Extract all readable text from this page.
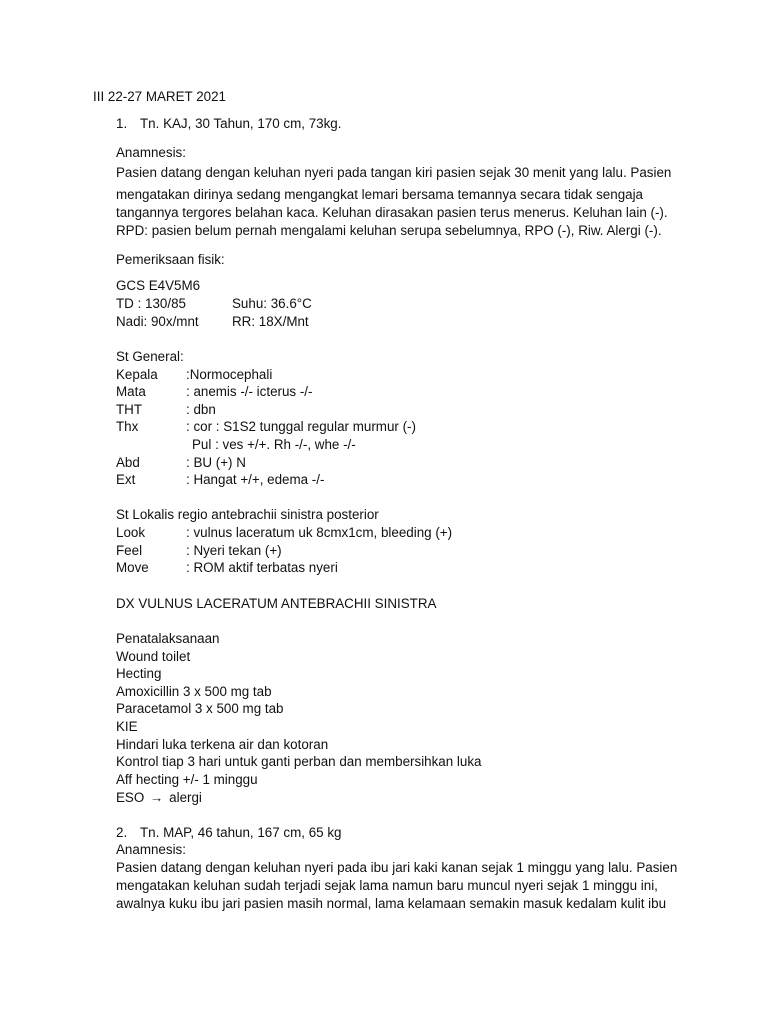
III 22-27 MARET 2021
1. Tn. KAJ, 30 Tahun, 170 cm, 73kg.
Anamnesis:
Pasien datang dengan keluhan nyeri pada tangan kiri pasien sejak 30 menit yang lalu. Pasien
mengatakan dirinya sedang mengangkat lemari bersama temannya secara tidak sengaja
tangannya tergores belahan kaca. Keluhan dirasakan pasien terus menerus. Keluhan lain (-).
RPD: pasien belum pernah mengalami keluhan serupa sebelumnya, RPO (-), Riw. Alergi (-).
Pemeriksaan fisik:
GCS E4V5M6
TD : 130/85	Suhu: 36.6°C
Nadi: 90x/mnt RR: 18X/Mnt
St General:
Kepala :Normocephali
Mata	: anemis -/- icterus -/-
THT	: dbn
Thx	: cor : S1S2 tunggal regular murmur (-)
Pul : ves +/+. Rh -/-, whe -/-
Abd	: BU (+) N
Ext	: Hangat +/+, edema -/-
St Lokalis regio antebrachii sinistra posterior
Look	: vulnus laceratum uk 8cmx1cm, bleeding (+)
Feel	: Nyeri tekan (+)
Move	: ROM aktif terbatas nyeri
DX VULNUS LACERATUM ANTEBRACHII SINISTRA
Penatalaksanaan
Wound toilet
Hecting
Amoxicillin 3 x 500 mg tab
Paracetamol 3 x 500 mg tab
KIE
Hindari luka terkena air dan kotoran
Kontrol tiap 3 hari untuk ganti perban dan membersihkan luka
Aff hecting +/- 1 minggu
ESO → alergi
2. Tn. MAP, 46 tahun, 167 cm, 65 kg
Anamnesis:
Pasien datang dengan keluhan nyeri pada ibu jari kaki kanan sejak 1 minggu yang lalu. Pasien
mengatakan keluhan sudah terjadi sejak lama namun baru muncul nyeri sejak 1 minggu ini,
awalnya kuku ibu jari pasien masih normal, lama kelamaan semakin masuk kedalam kulit ibu
